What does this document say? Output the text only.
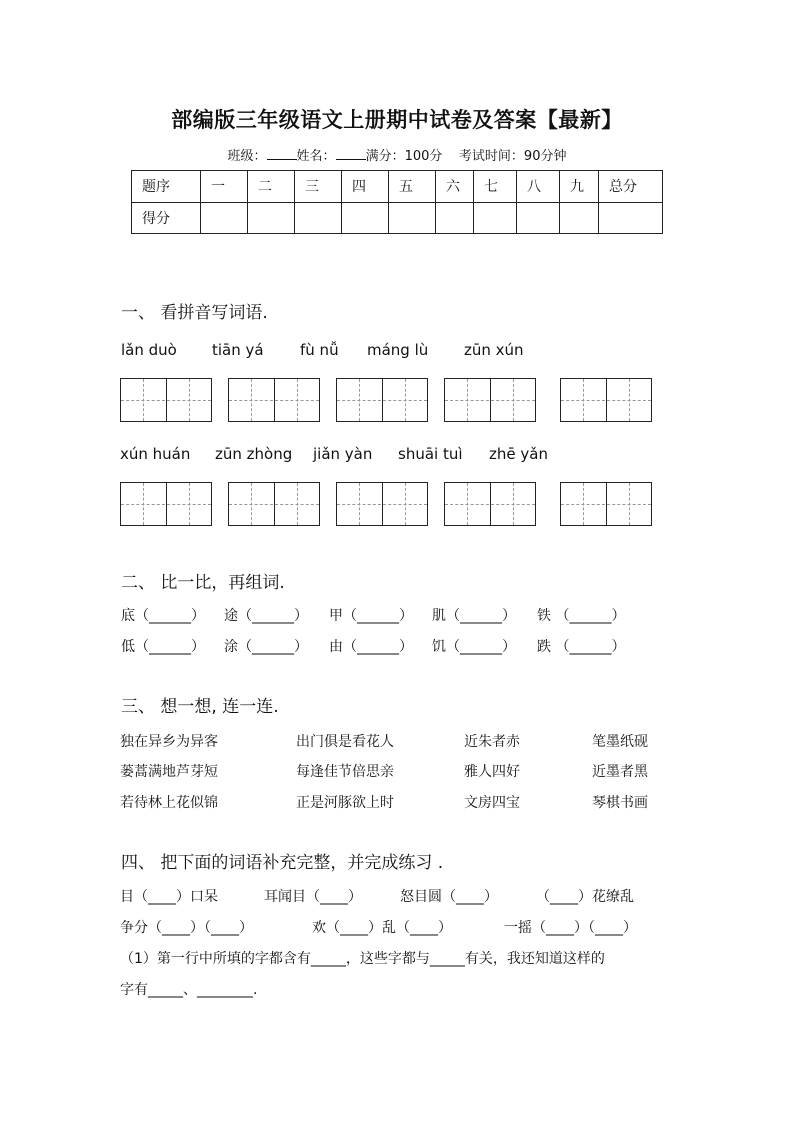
部编版三年级语文上册期中试卷及答案【最新】
班级： 姓名： 满分：100分 考试时间：90分钟
题序	一	二	三	四	五	六	七	八	九	总分
得分										
一、 看拼音写词语.
lǎn duò tiān yá fù nǚ máng lù zūn xún
xún huán zūn zhòng jiǎn yàn shuāi tuì zhē yǎn
二、 比一比，再组词.
底（______） 途（______） 甲（______） 肌（______） 铁 （______）
低（______） 涂（______） 由（______） 饥（______） 跌 （______）
三、 想一想, 连一连.
独在异乡为异客	出门俱是看花人	近朱者赤	笔墨纸砚
蒌蒿满地芦芽短	每逢佳节倍思亲	雅人四好	近墨者黑
若待林上花似锦	正是河豚欲上时	文房四宝	琴棋书画
四、 把下面的词语补充完整，并完成练习 .
目（____）口呆	耳闻目（____）	怒目圆（____）	（____）花缭乱
争分（____）（____）	欢（____）乱（____）	一摇（____）（____）
（1）第一行中所填的字都含有_____，这些字都与_____有关，我还知道这样的
字有_____、________.
